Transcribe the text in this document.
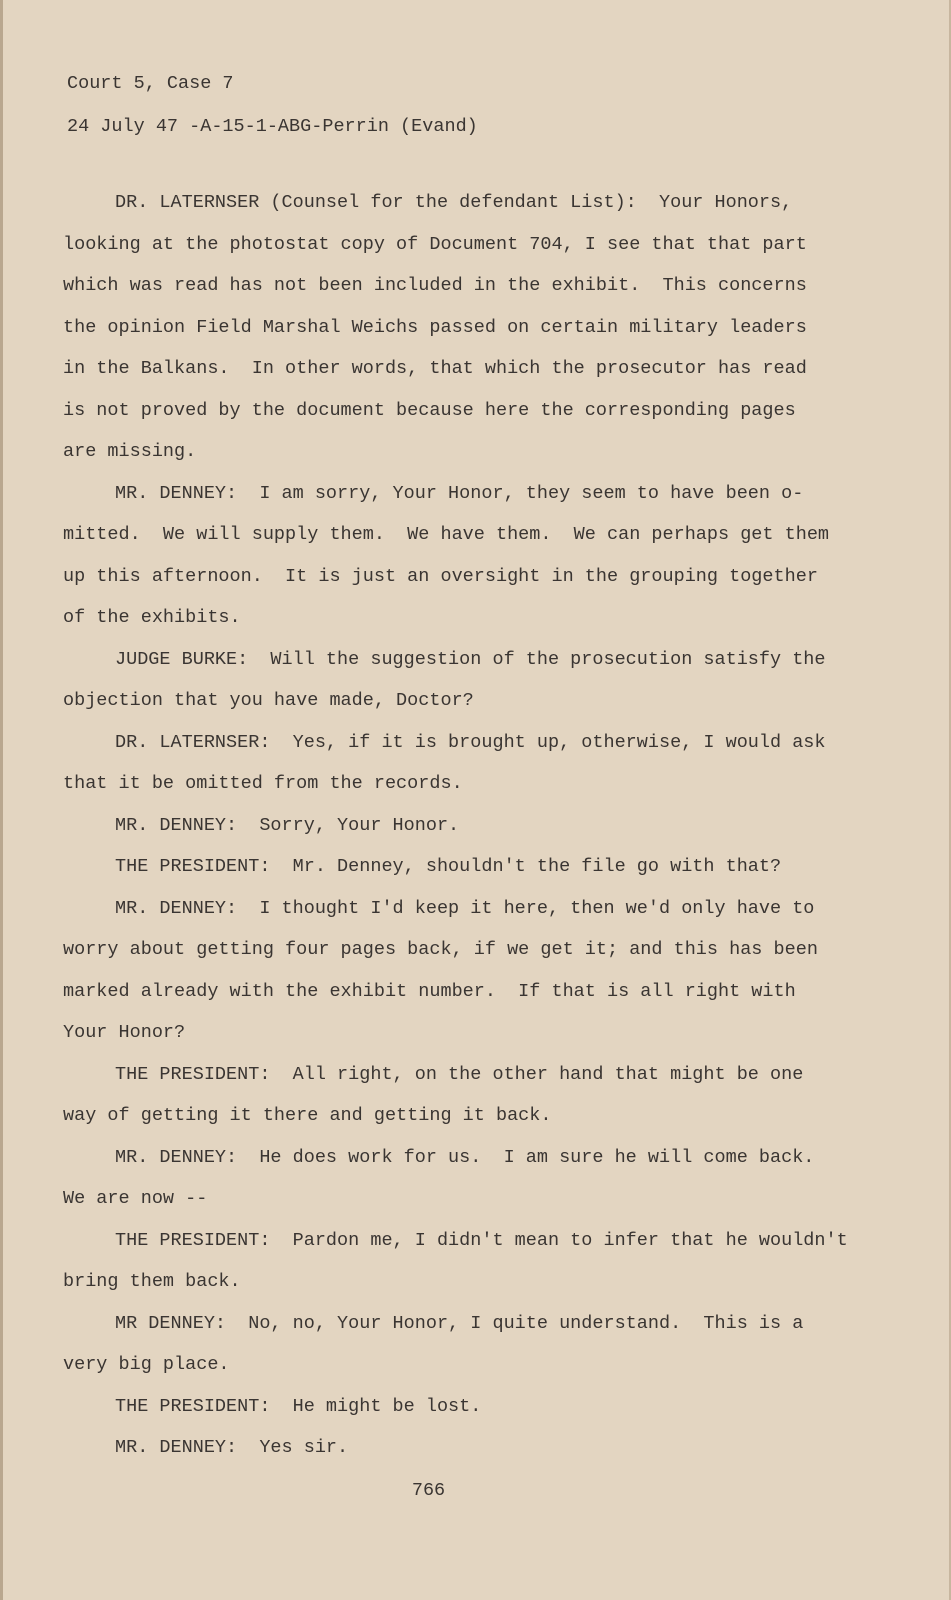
Court 5, Case 7
24 July 47 -A-15-1-ABG-Perrin (Evand)
DR. LATERNSER (Counsel for the defendant List):  Your Honors,
looking at the photostat copy of Document 704, I see that that part
which was read has not been included in the exhibit.  This concerns
the opinion Field Marshal Weichs passed on certain military leaders
in the Balkans.  In other words, that which the prosecutor has read
is not proved by the document because here the corresponding pages
are missing.
MR. DENNEY:  I am sorry, Your Honor, they seem to have been o-
mitted.  We will supply them.  We have them.  We can perhaps get them
up this afternoon.  It is just an oversight in the grouping together
of the exhibits.
JUDGE BURKE:  Will the suggestion of the prosecution satisfy the
objection that you have made, Doctor?
DR. LATERNSER:  Yes, if it is brought up, otherwise, I would ask
that it be omitted from the records.
MR. DENNEY:  Sorry, Your Honor.
THE PRESIDENT:  Mr. Denney, shouldn't the file go with that?
MR. DENNEY:  I thought I'd keep it here, then we'd only have to
worry about getting four pages back, if we get it; and this has been
marked already with the exhibit number.  If that is all right with
Your Honor?
THE PRESIDENT:  All right, on the other hand that might be one
way of getting it there and getting it back.
MR. DENNEY:  He does work for us.  I am sure he will come back.
We are now --
THE PRESIDENT:  Pardon me, I didn't mean to infer that he wouldn't
bring them back.
MR DENNEY:  No, no, Your Honor, I quite understand.  This is a
very big place.
THE PRESIDENT:  He might be lost.
MR. DENNEY:  Yes sir.
766
